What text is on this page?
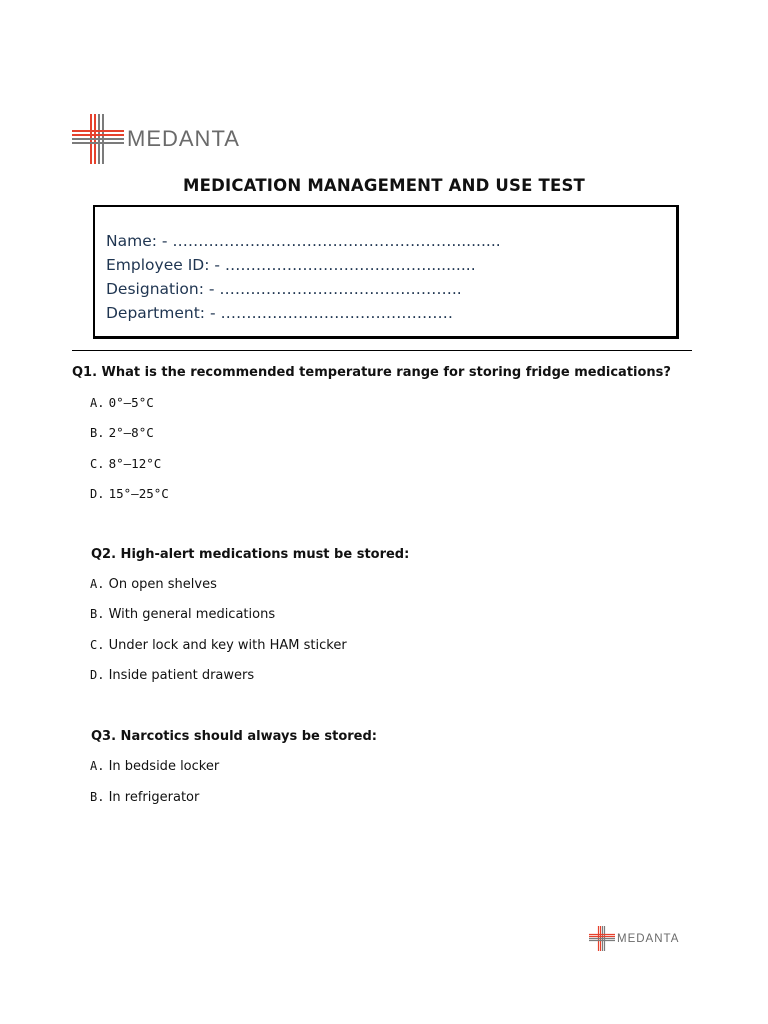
MEDANTA
MEDICATION MANAGEMENT AND USE TEST
Name: - ………………………………………………..........
Employee ID: - …………………………………..........
Designation: - ………………………………………..
Department: - ………………………………………

Q1. What is the recommended temperature range for storing fridge medications?

A. 0°–5°C
B. 2°–8°C
C. 8°–12°C
D. 15°–25°C

Q2. High-alert medications must be stored:

A. On open shelves
B. With general medications
C. Under lock and key with HAM sticker
D. Inside patient drawers

Q3. Narcotics should always be stored:

A. In bedside locker
B. In refrigerator
MEDANTA
